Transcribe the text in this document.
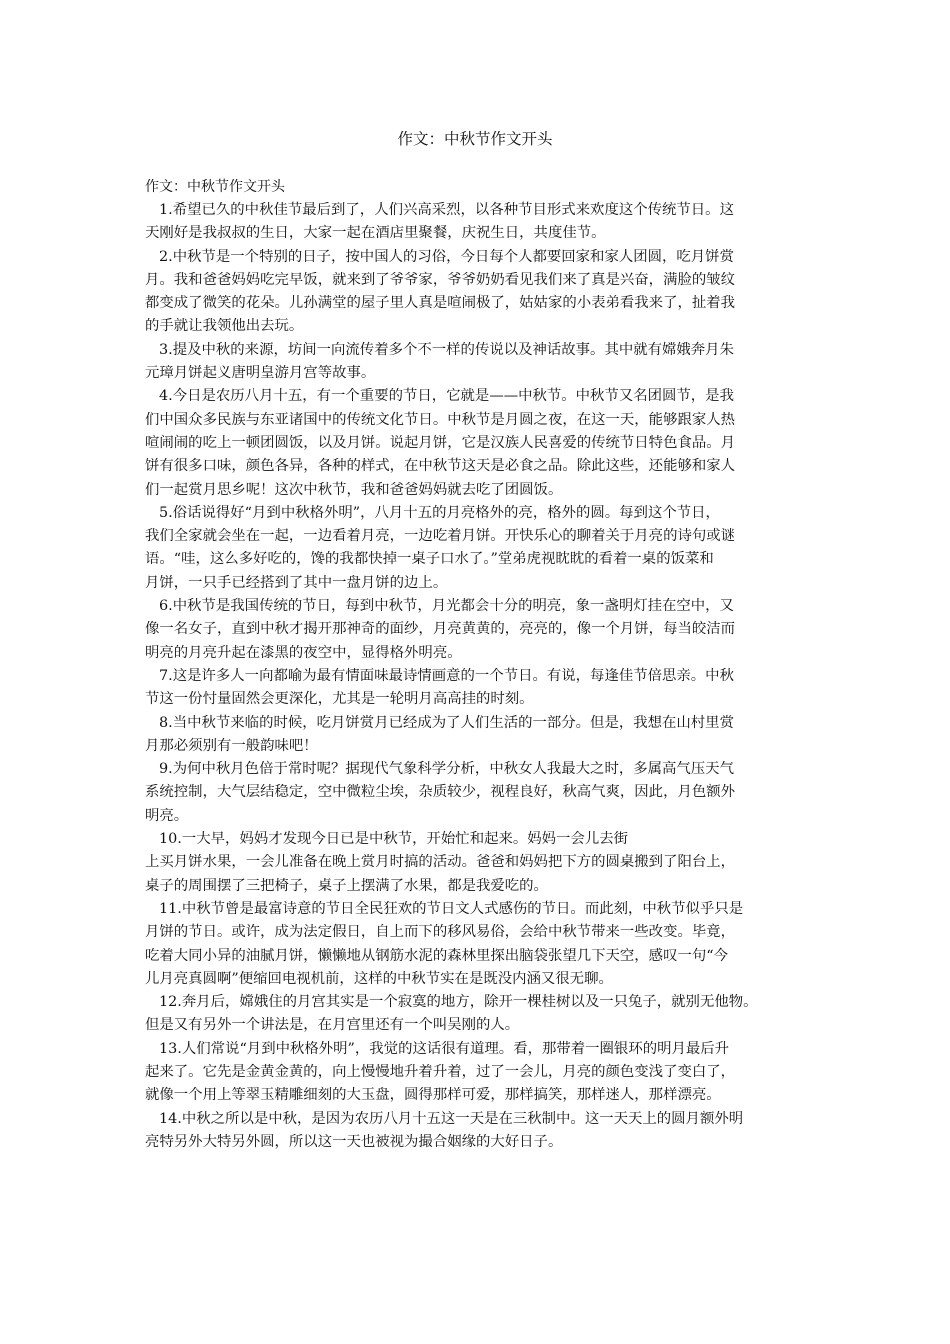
作文：中秋节作文开头
作文：中秋节作文开头

1.希望已久的中秋佳节最后到了，人们兴高采烈，以各种节目形式来欢度这个传统节日。这
天刚好是我叔叔的生日，大家一起在酒店里聚餐，庆祝生日，共度佳节。

2.中秋节是一个特别的日子，按中国人的习俗，今日每个人都要回家和家人团圆，吃月饼赏
月。我和爸爸妈妈吃完早饭，就来到了爷爷家，爷爷奶奶看见我们来了真是兴奋，满脸的皱纹
都变成了微笑的花朵。儿孙满堂的屋子里人真是喧闹极了，姑姑家的小表弟看我来了，扯着我
的手就让我领他出去玩。

3.提及中秋的来源，坊间一向流传着多个不一样的传说以及神话故事。其中就有嫦娥奔月朱
元璋月饼起义唐明皇游月宫等故事。

4.今日是农历八月十五，有一个重要的节日，它就是——中秋节。中秋节又名团圆节，是我
们中国众多民族与东亚诸国中的传统文化节日。中秋节是月圆之夜，在这一天，能够跟家人热
喧闹闹的吃上一顿团圆饭，以及月饼。说起月饼，它是汉族人民喜爱的传统节日特色食品。月
饼有很多口味，颜色各异，各种的样式，在中秋节这天是必食之品。除此这些，还能够和家人
们一起赏月思乡呢！这次中秋节，我和爸爸妈妈就去吃了团圆饭。

5.俗话说得好“月到中秋格外明”，八月十五的月亮格外的亮，格外的圆。每到这个节日，
我们全家就会坐在一起，一边看着月亮，一边吃着月饼。开快乐心的聊着关于月亮的诗句或谜
语。“哇，这么多好吃的，馋的我都快掉一桌子口水了。”堂弟虎视眈眈的看着一桌的饭菜和
月饼，一只手已经搭到了其中一盘月饼的边上。

6.中秋节是我国传统的节日，每到中秋节，月光都会十分的明亮，象一盏明灯挂在空中，又
像一名女子，直到中秋才揭开那神奇的面纱，月亮黄黄的，亮亮的，像一个月饼，每当皎洁而
明亮的月亮升起在漆黑的夜空中，显得格外明亮。

7.这是许多人一向都喻为最有情面味最诗情画意的一个节日。有说，每逢佳节倍思亲。中秋
节这一份忖量固然会更深化，尤其是一轮明月高高挂的时刻。

8.当中秋节来临的时候，吃月饼赏月已经成为了人们生活的一部分。但是，我想在山村里赏
月那必须别有一般韵味吧！

9.为何中秋月色倍于常时呢？据现代气象科学分析，中秋女人我最大之时，多属高气压天气
系统控制，大气层结稳定，空中微粒尘埃，杂质较少，视程良好，秋高气爽，因此，月色额外
明亮。

10.一大早，妈妈才发现今日已是中秋节，开始忙和起来。妈妈一会儿去街
上买月饼水果，一会儿准备在晚上赏月时搞的活动。爸爸和妈妈把下方的圆桌搬到了阳台上，
桌子的周围摆了三把椅子，桌子上摆满了水果，都是我爱吃的。

11.中秋节曾是最富诗意的节日全民狂欢的节日文人式感伤的节日。而此刻，中秋节似乎只是
月饼的节日。或许，成为法定假日，自上而下的移风易俗，会给中秋节带来一些改变。毕竟，
吃着大同小异的油腻月饼，懒懒地从钢筋水泥的森林里探出脑袋张望几下天空，感叹一句“今
儿月亮真圆啊”便缩回电视机前，这样的中秋节实在是既没内涵又很无聊。

12.奔月后，嫦娥住的月宫其实是一个寂寞的地方，除开一棵桂树以及一只兔子，就别无他物。
但是又有另外一个讲法是，在月宫里还有一个叫吴刚的人。

13.人们常说“月到中秋格外明”，我觉的这话很有道理。看，那带着一圈银环的明月最后升
起来了。它先是金黄金黄的，向上慢慢地升着升着，过了一会儿，月亮的颜色变浅了变白了，
就像一个用上等翠玉精雕细刻的大玉盘，圆得那样可爱，那样搞笑，那样迷人，那样漂亮。

14.中秋之所以是中秋，是因为农历八月十五这一天是在三秋制中。这一天天上的圆月额外明
亮特另外大特另外圆，所以这一天也被视为撮合姻缘的大好日子。
